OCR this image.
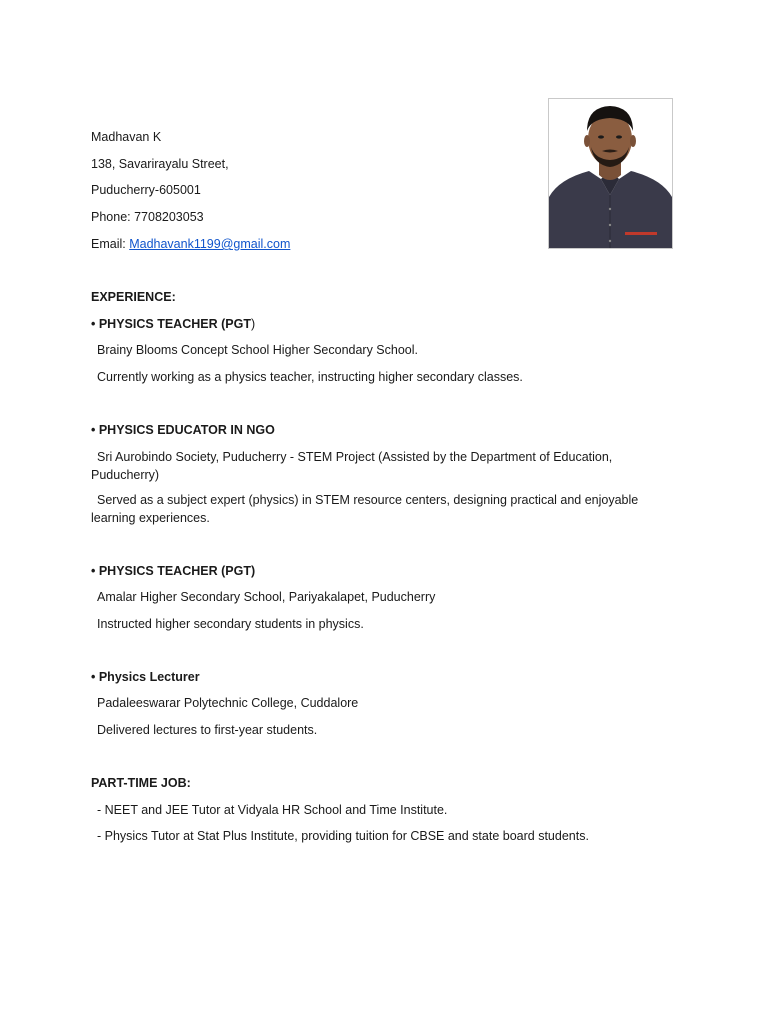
Madhavan K
138, Savarirayalu Street,
Puducherry-605001
Phone: 7708203053
Email: Madhavank1199@gmail.com
EXPERIENCE:
• PHYSICS TEACHER (PGT)
Brainy Blooms Concept School Higher Secondary School.
Currently working as a physics teacher, instructing higher secondary classes.
• PHYSICS EDUCATOR IN NGO
Sri Aurobindo Society, Puducherry - STEM Project (Assisted by the Department of Education, Puducherry)
Served as a subject expert (physics) in STEM resource centers, designing practical and enjoyable learning experiences.
• PHYSICS TEACHER (PGT)
Amalar Higher Secondary School, Pariyakalapet, Puducherry
Instructed higher secondary students in physics.
• Physics Lecturer
Padaleeswarar Polytechnic College, Cuddalore
Delivered lectures to first-year students.
PART-TIME JOB:
- NEET and JEE Tutor at Vidyala HR School and Time Institute.
- Physics Tutor at Stat Plus Institute, providing tuition for CBSE and state board students.
